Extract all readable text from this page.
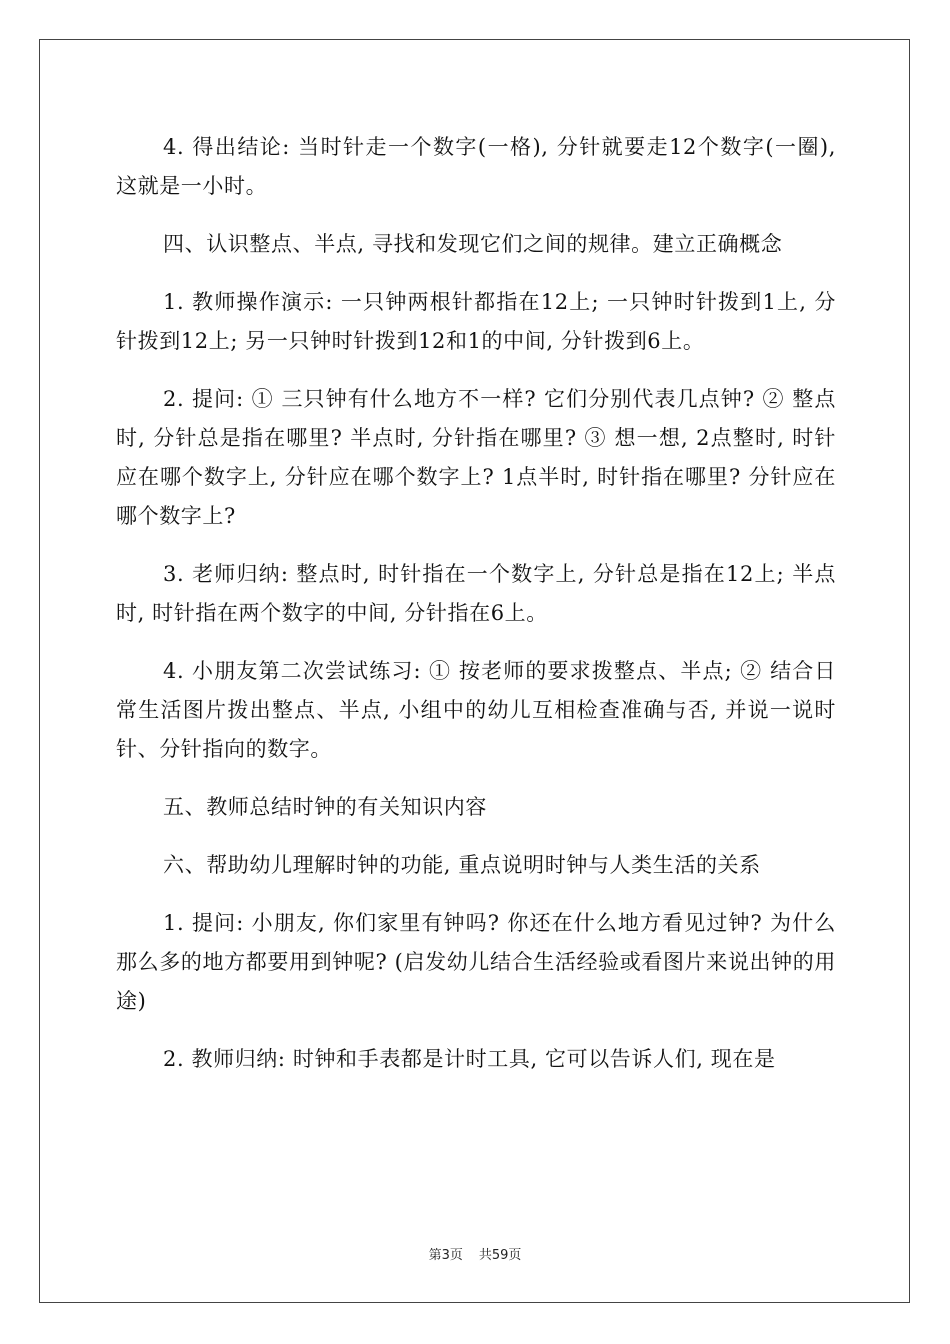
4. 得出结论: 当时针走一个数字(一格), 分针就要走12个数字(一圈), 这就是一小时。

四、认识整点、半点, 寻找和发现它们之间的规律。建立正确概念

1. 教师操作演示: 一只钟两根针都指在12上; 一只钟时针拨到1上, 分针拨到12上; 另一只钟时针拨到12和1的中间, 分针拨到6上。

2. 提问: ① 三只钟有什么地方不一样? 它们分别代表几点钟? ② 整点时, 分针总是指在哪里? 半点时, 分针指在哪里? ③ 想一想, 2点整时, 时针应在哪个数字上, 分针应在哪个数字上? 1点半时, 时针指在哪里? 分针应在哪个数字上?

3. 老师归纳: 整点时, 时针指在一个数字上, 分针总是指在12上; 半点时, 时针指在两个数字的中间, 分针指在6上。

4. 小朋友第二次尝试练习: ① 按老师的要求拨整点、半点; ② 结合日常生活图片拨出整点、半点, 小组中的幼儿互相检查准确与否, 并说一说时针、分针指向的数字。

五、教师总结时钟的有关知识内容

六、帮助幼儿理解时钟的功能, 重点说明时钟与人类生活的关系

1. 提问: 小朋友, 你们家里有钟吗? 你还在什么地方看见过钟? 为什么那么多的地方都要用到钟呢? (启发幼儿结合生活经验或看图片来说出钟的用途)

2. 教师归纳: 时钟和手表都是计时工具, 它可以告诉人们, 现在是

第3页 共59页
